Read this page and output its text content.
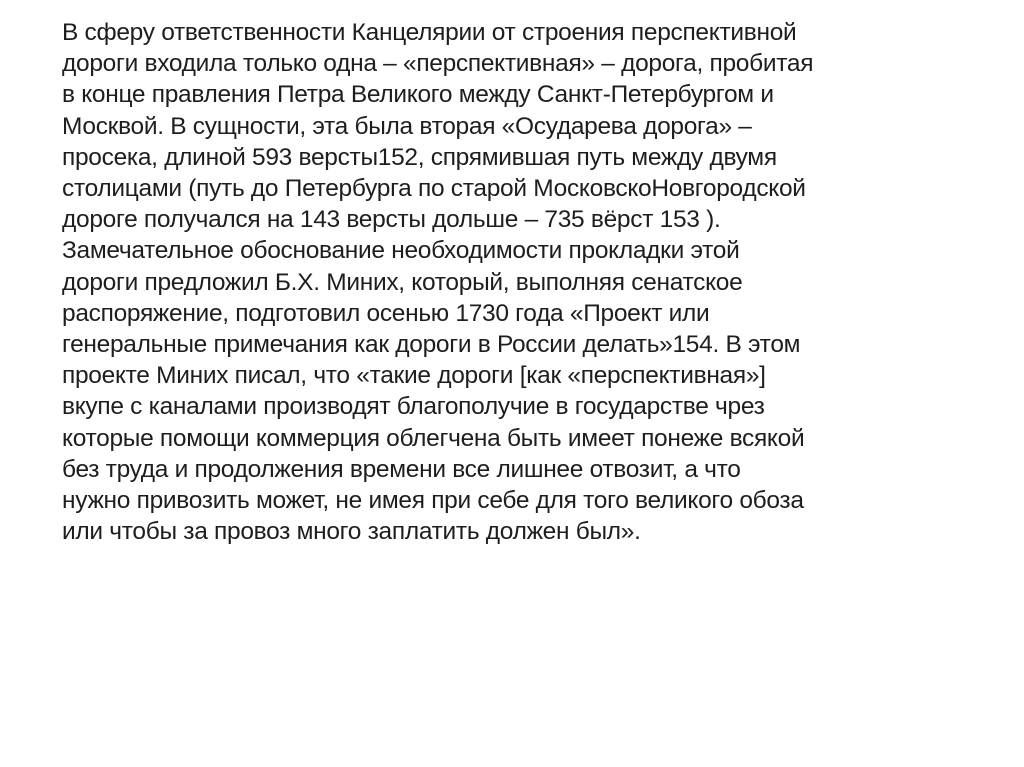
В сферу ответственности Канцелярии от строения перспективной
дороги входила только одна – «перспективная» – дорога, пробитая
в конце правления Петра Великого между Санкт-Петербургом и
Москвой. В сущности, эта была вторая «Осударева дорога» –
просека, длиной 593 версты152, спрямившая путь между двумя
столицами (путь до Петербурга по старой МосковскоНовгородской
дороге получался на 143 версты дольше – 735 вёрст 153 ).
Замечательное обоснование необходимости прокладки этой
дороги предложил Б.Х. Миних, который, выполняя сенатское
распоряжение, подготовил осенью 1730 года «Проект или
генеральные примечания как дороги в России делать»154. В этом
проекте Миних писал, что «такие дороги [как «перспективная»]
вкупе с каналами производят благополучие в государстве чрез
которые помощи коммерция облегчена быть имеет понеже всякой
без труда и продолжения времени все лишнее отвозит, а что
нужно привозить может, не имея при себе для того великого обоза
или чтобы за провоз много заплатить должен был».
